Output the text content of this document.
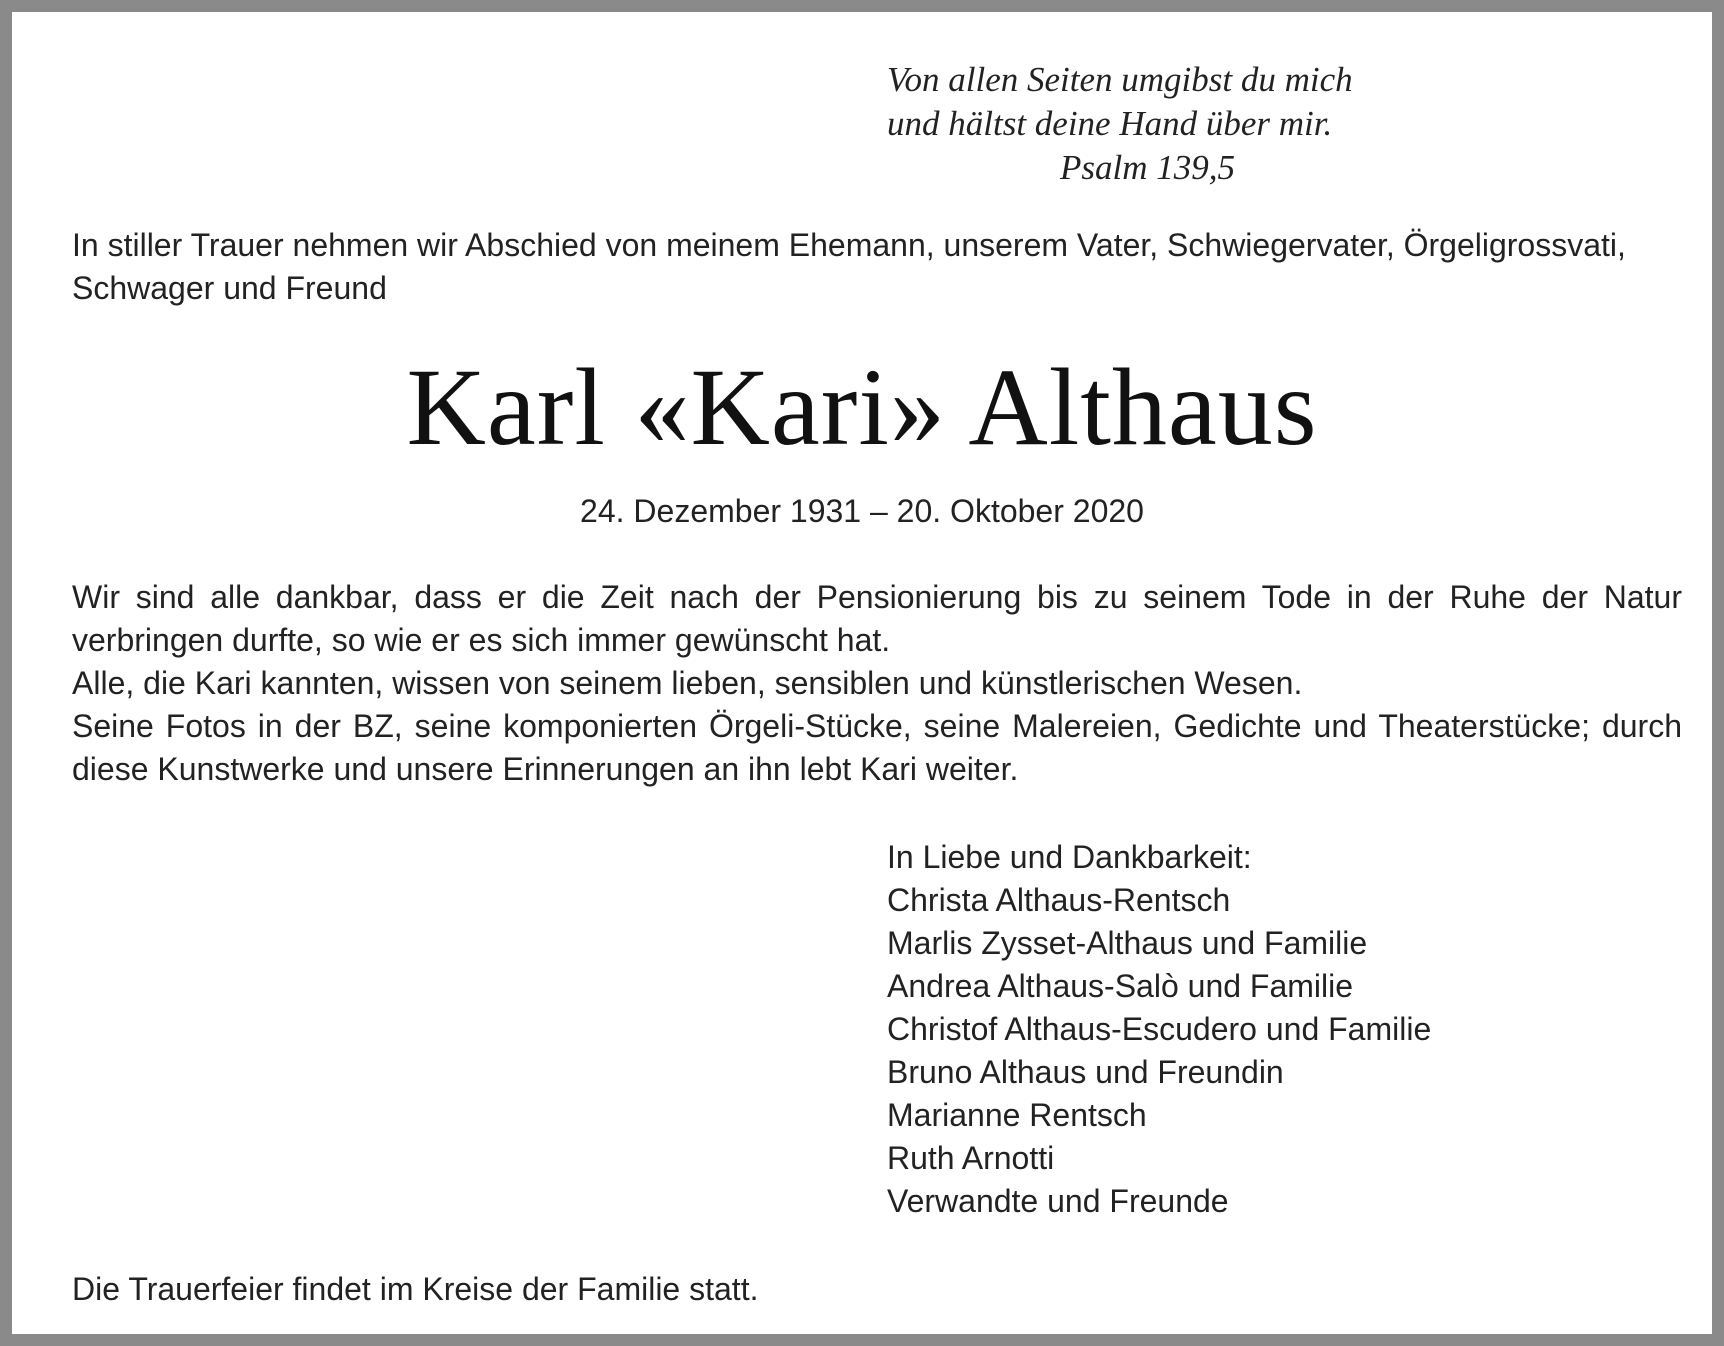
Von allen Seiten umgibst du mich
und hältst deine Hand über mir.
Psalm 139,5
In stiller Trauer nehmen wir Abschied von meinem Ehemann, unserem Vater, Schwiegervater, Örgeligrossvati, Schwager und Freund
Karl «Kari» Althaus
24. Dezember 1931 – 20. Oktober 2020

Wir sind alle dankbar, dass er die Zeit nach der Pensionierung bis zu seinem Tode in der Ruhe der Natur verbringen durfte, so wie er es sich immer gewünscht hat.

Alle, die Kari kannten, wissen von seinem lieben, sensiblen und künstlerischen Wesen.

Seine Fotos in der BZ, seine komponierten Örgeli-Stücke, seine Malereien, Gedichte und Theaterstücke; durch diese Kunstwerke und unsere Erinnerungen an ihn lebt Kari weiter.

In Liebe und Dankbarkeit:
Christa Althaus-Rentsch
Marlis Zysset-Althaus und Familie
Andrea Althaus-Salò und Familie
Christof Althaus-Escudero und Familie
Bruno Althaus und Freundin
Marianne Rentsch
Ruth Arnotti
Verwandte und Freunde
Die Trauerfeier findet im Kreise der Familie statt.
